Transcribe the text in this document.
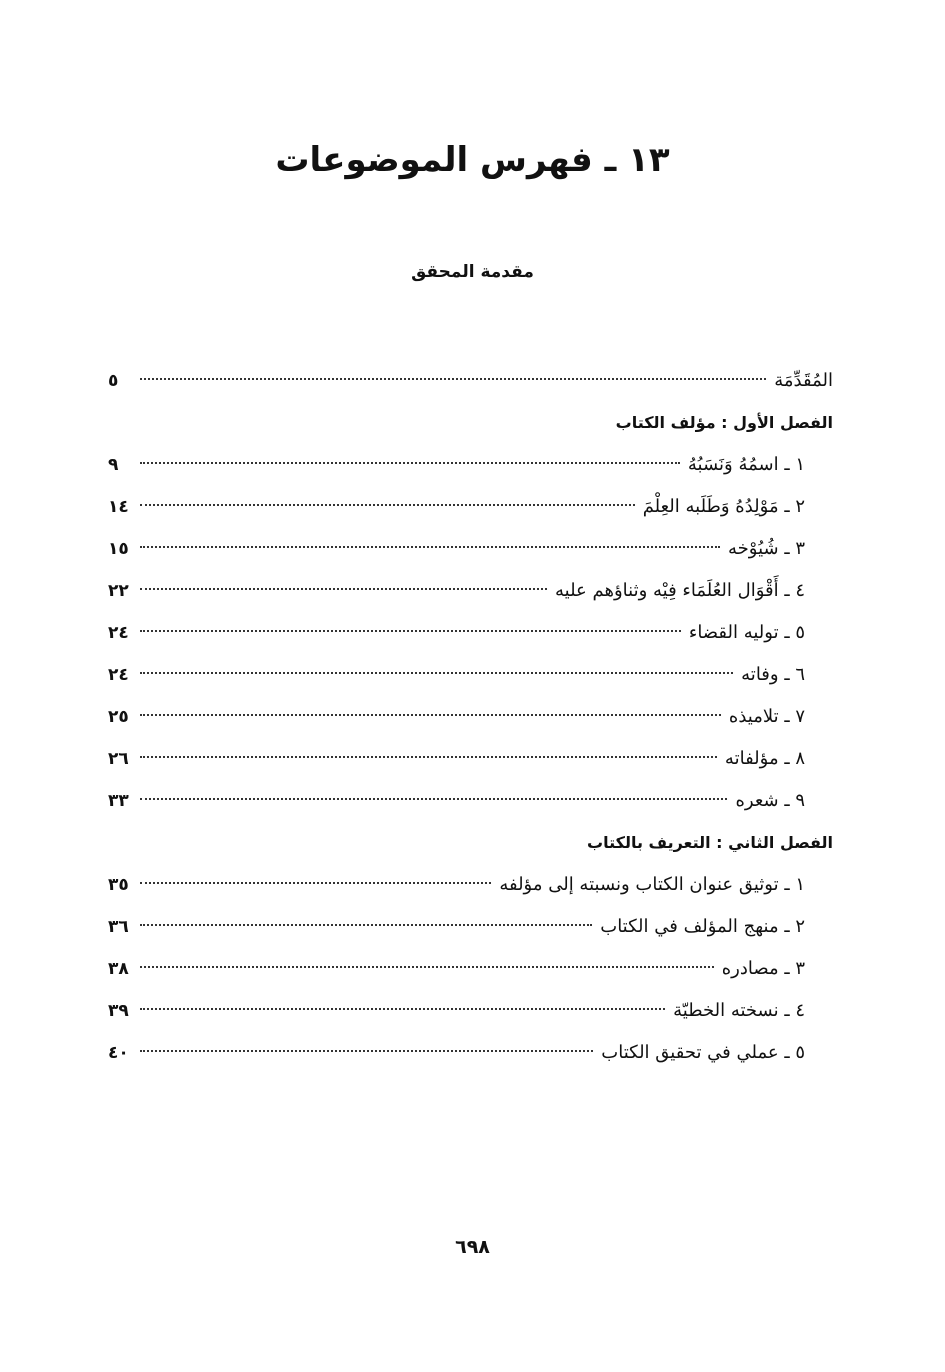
١٣ ـ فهرس الموضوعات
مقدمة المحقق
المُقَدِّمَة
٥
الفصل الأول : مؤلف الكتاب
١ ـ اسمُهُ وَنَسَبُهُ
٩
٢ ـ مَوْلِدُهُ وَطَلَبه العِلْمَ
١٤
٣ ـ شُيُوْخه
١٥
٤ ـ أَقْوَال العُلَمَاء فِيْه وثناؤهم عليه
٢٢
٥ ـ توليه القضاء
٢٤
٦ ـ وفاته
٢٤
٧ ـ تلاميذه
٢٥
٨ ـ مؤلفاته
٢٦
٩ ـ شعره
٣٣
الفصل الثاني : التعريف بالكتاب
١ ـ توثيق عنوان الكتاب ونسبته إلى مؤلفه
٣٥
٢ ـ منهج المؤلف في الكتاب
٣٦
٣ ـ مصادره
٣٨
٤ ـ نسخته الخطيّة
٣٩
٥ ـ عملي في تحقيق الكتاب
٤٠
٦٩٨
